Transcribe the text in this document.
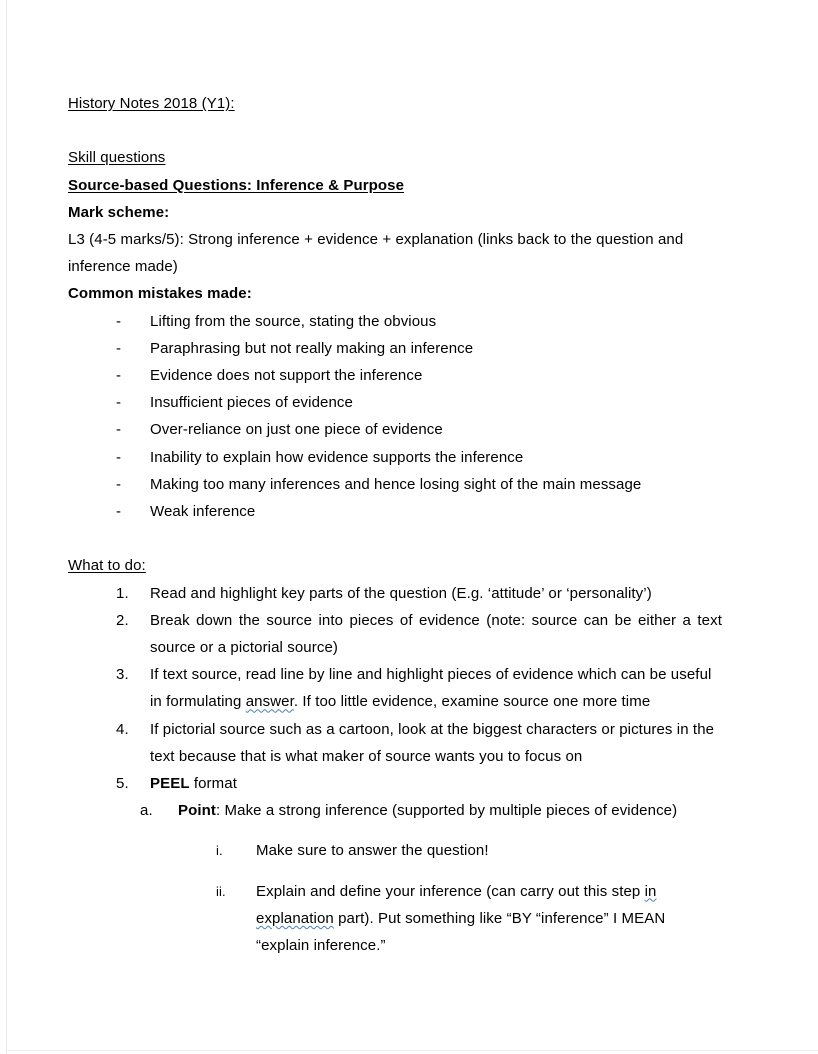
History Notes 2018 (Y1):

Skill questions

Source-based Questions: Inference & Purpose

Mark scheme:

L3 (4-5 marks/5): Strong inference + evidence + explanation (links back to the question and inference made)

Common mistakes made:

- Lifting from the source, stating the obvious
- Paraphrasing but not really making an inference
- Evidence does not support the inference
- Insufficient pieces of evidence
- Over-reliance on just one piece of evidence
- Inability to explain how evidence supports the inference
- Making too many inferences and hence losing sight of the main message
- Weak inference

What to do:

Read and highlight key parts of the question (E.g. ‘attitude’ or ‘personality’)
Break down the source into pieces of evidence (note: source can be either a text source or a pictorial source)
If text source, read line by line and highlight pieces of evidence which can be useful in formulating answer. If too little evidence, examine source one more time
If pictorial source such as a cartoon, look at the biggest characters or pictures in the text because that is what maker of source wants you to focus on
PEEL format
Point: Make a strong inference (supported by multiple pieces of evidence)
Make sure to answer the question!
Explain and define your inference (can carry out this step in explanation part). Put something like “BY “inference” I MEAN “explain inference.”
